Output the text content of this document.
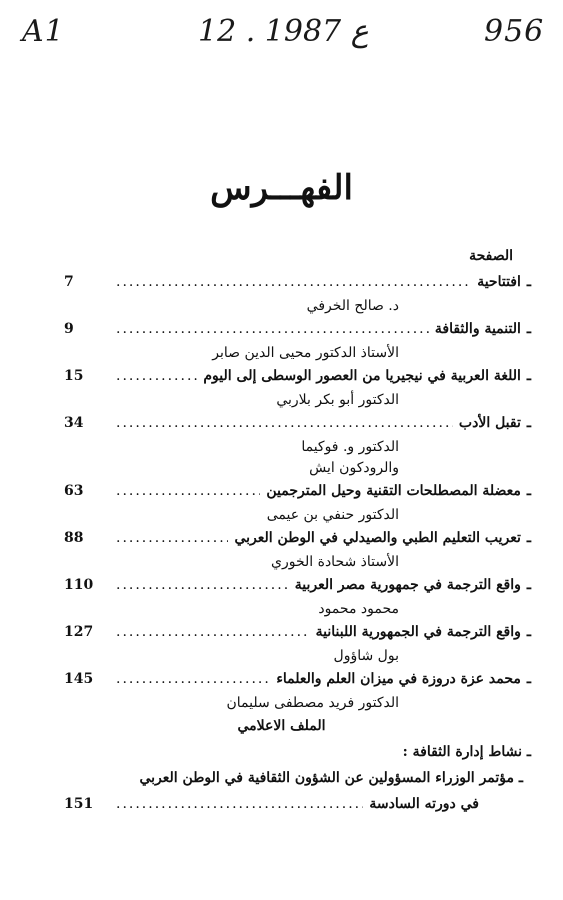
A1	12 . ع 1987	956
الفهـــرس
الصفحة
ـ
افتتاحية
.....
7
د. صالح الخرفي
ـ
التنمية والثقافة
.....
9
الأستاذ الدكتور محيى الدين صابر
ـ
اللغة العربية في نيجيريا من العصور الوسطى إلى اليوم
.....
15
الدكتور أبو بكر بلاربي
ـ
تقبل الأدب
.....
34
الدكتور و. فوكيما
والرودكون ايش
ـ
معضلة المصطلحات التقنية وحيل المترجمين
.....
63
الدكتور حنفي بن عيمى
ـ
تعريب التعليم الطبي والصيدلي في الوطن العربي
.....
88
الأستاذ شحادة الخوري
ـ
واقع الترجمة في جمهورية مصر العربية
.....
110
محمود محمود
ـ
واقع الترجمة في الجمهورية اللبنانية
.....
127
بول شاؤول
ـ
محمد عزة دروزة في ميزان العلم والعلماء
.....
145
الدكتور فريد مصطفى سليمان
الملف الاعلامي
ـ نشاط إدارة الثقافة :
ـ مؤتمر الوزراء المسؤولين عن الشؤون الثقافية في الوطن العربي
في دورته السادسة
.....
151
